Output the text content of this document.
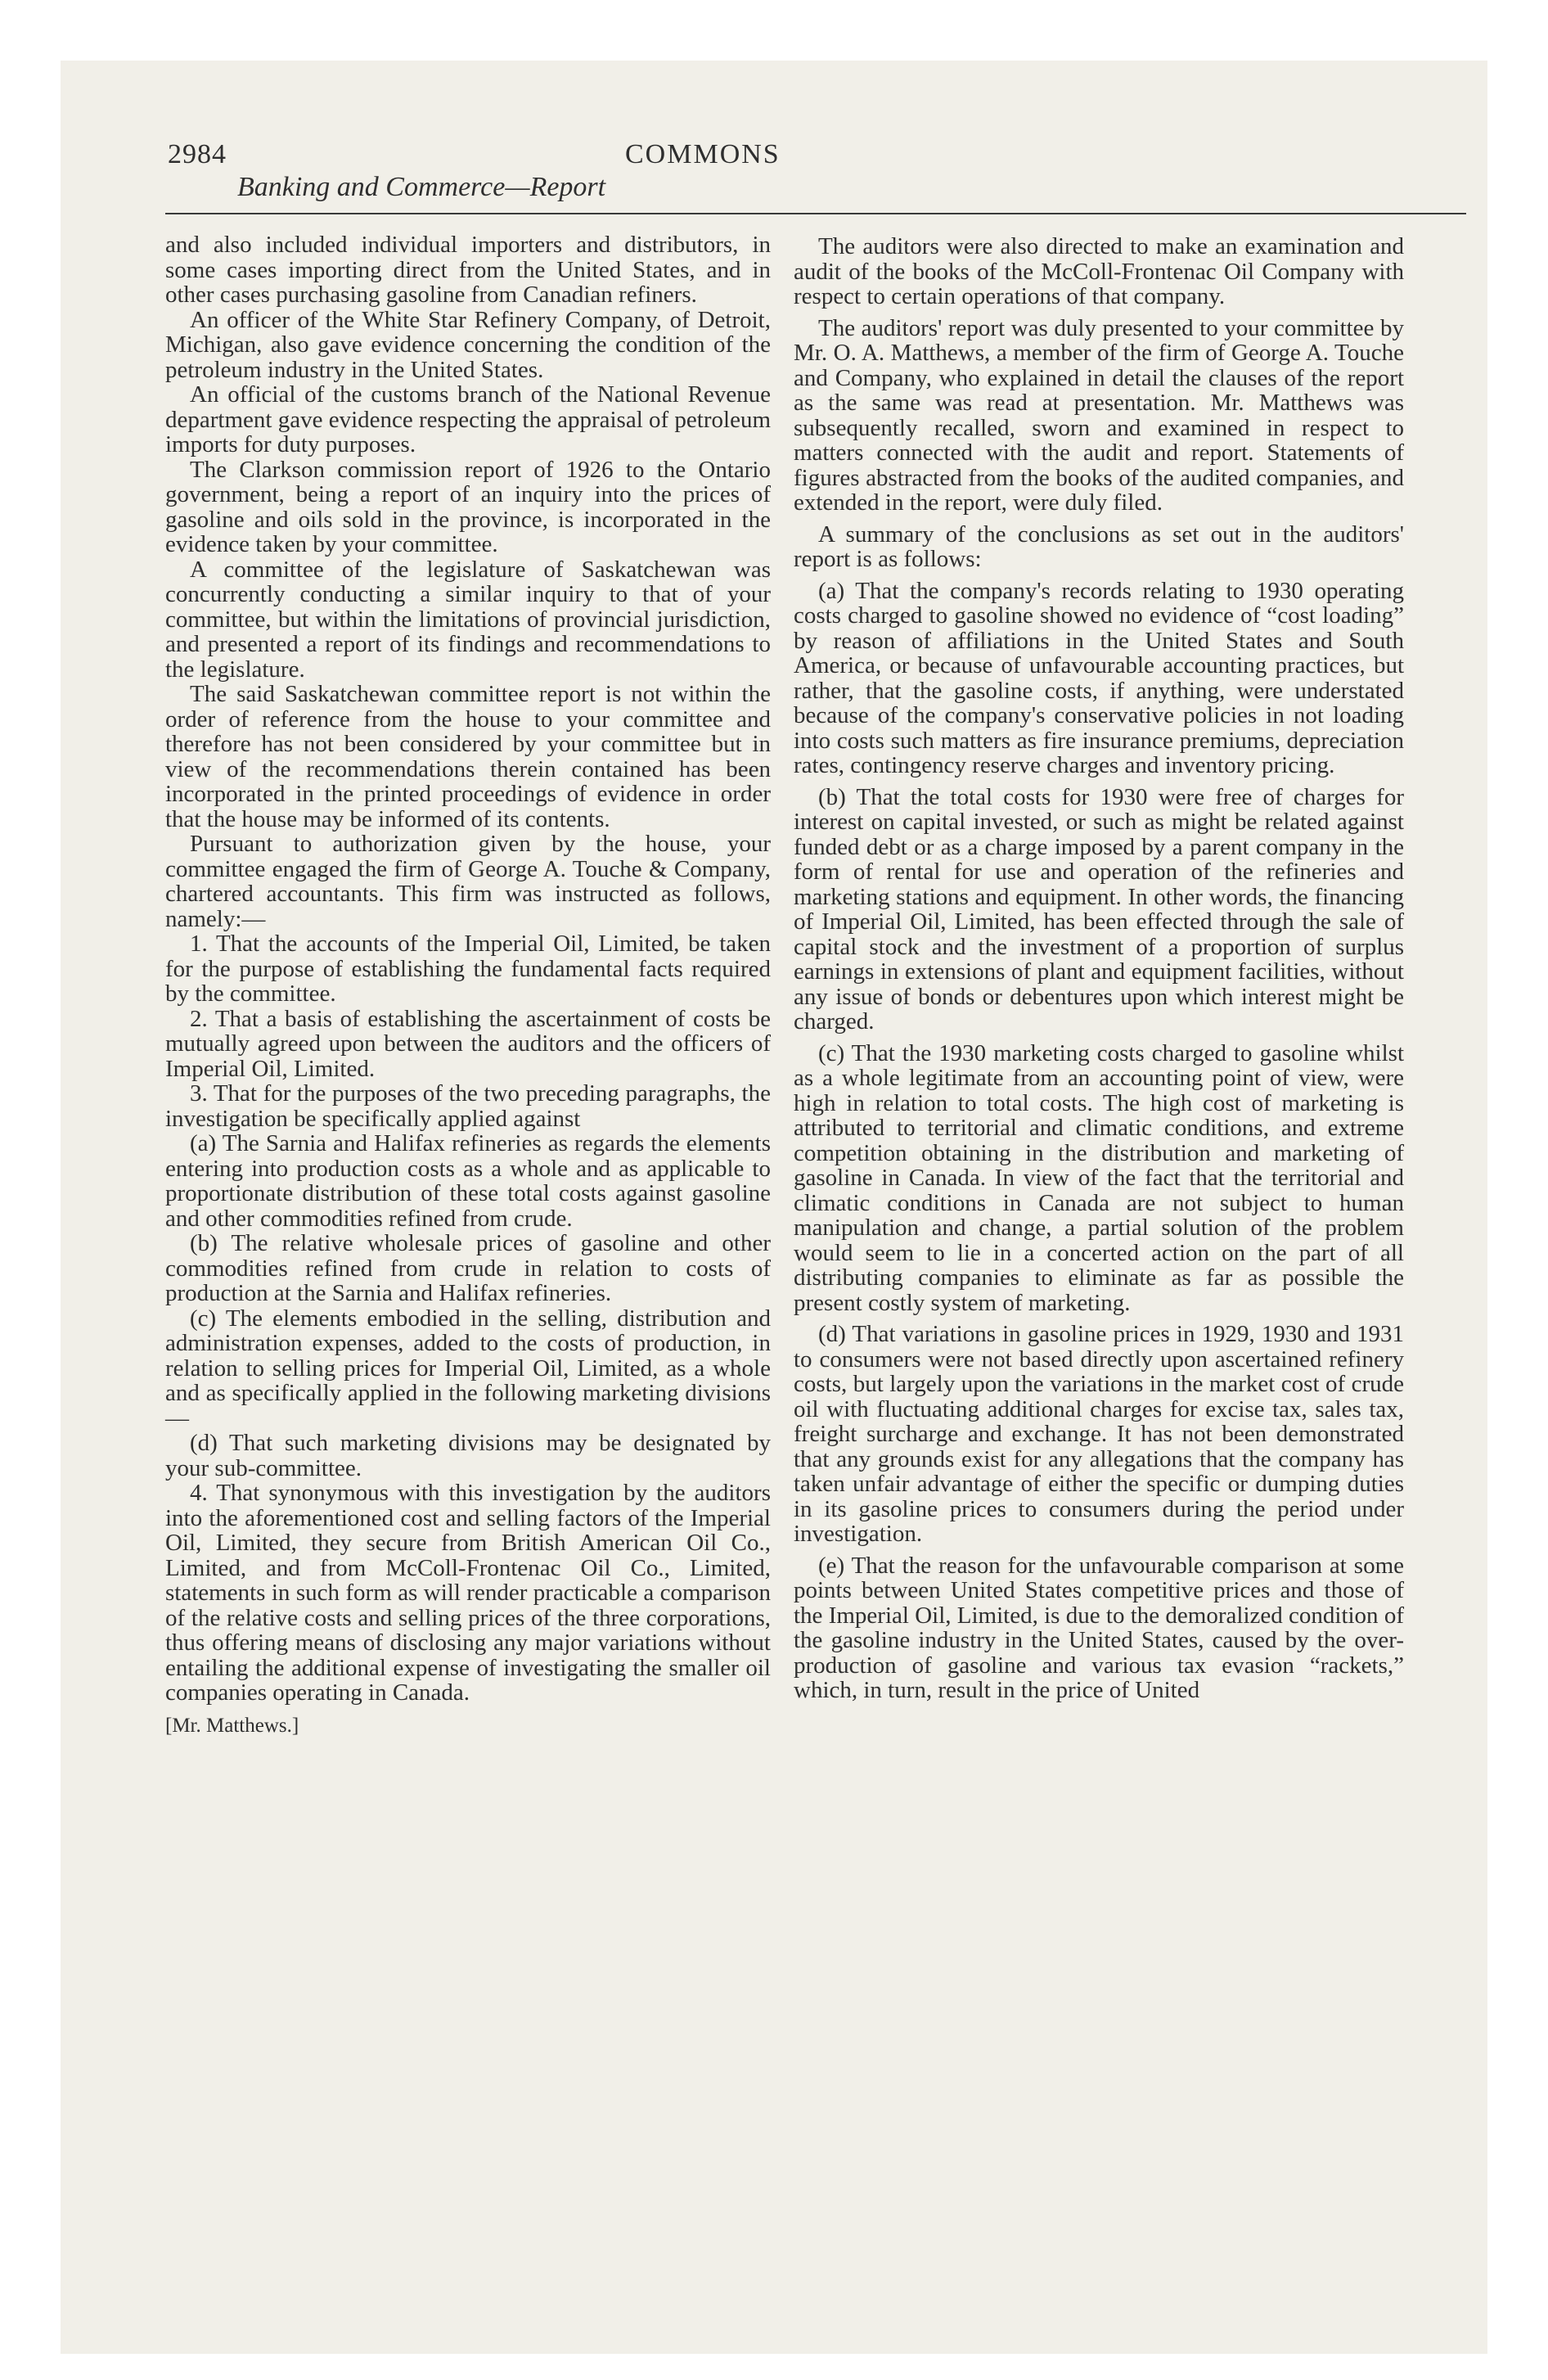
2984	COMMONS
Banking and Commerce—Report

and also included individual importers and distributors, in some cases importing direct from the United States, and in other cases purchasing gasoline from Canadian refiners.

An officer of the White Star Refinery Company, of Detroit, Michigan, also gave evidence concerning the condition of the petroleum industry in the United States.

An official of the customs branch of the National Revenue department gave evidence respecting the appraisal of petroleum imports for duty purposes.

The Clarkson commission report of 1926 to the Ontario government, being a report of an inquiry into the prices of gasoline and oils sold in the province, is incorporated in the evidence taken by your committee.

A committee of the legislature of Saskatchewan was concurrently conducting a similar inquiry to that of your committee, but within the limitations of provincial jurisdiction, and presented a report of its findings and recommendations to the legislature.

The said Saskatchewan committee report is not within the order of reference from the house to your committee and therefore has not been considered by your committee but in view of the recommendations therein contained has been incorporated in the printed proceedings of evidence in order that the house may be informed of its contents.

Pursuant to authorization given by the house, your committee engaged the firm of George A. Touche & Company, chartered accountants. This firm was instructed as follows, namely:—

1. That the accounts of the Imperial Oil, Limited, be taken for the purpose of establishing the fundamental facts required by the committee.

2. That a basis of establishing the ascertainment of costs be mutually agreed upon between the auditors and the officers of Imperial Oil, Limited.

3. That for the purposes of the two preceding paragraphs, the investigation be specifically applied against

(a) The Sarnia and Halifax refineries as regards the elements entering into production costs as a whole and as applicable to proportionate distribution of these total costs against gasoline and other commodities refined from crude.

(b) The relative wholesale prices of gasoline and other commodities refined from crude in relation to costs of production at the Sarnia and Halifax refineries.

(c) The elements embodied in the selling, distribution and administration expenses, added to the costs of production, in relation to selling prices for Imperial Oil, Limited, as a whole and as specifically applied in the following marketing divisions—

(d) That such marketing divisions may be designated by your sub-committee.

4. That synonymous with this investigation by the auditors into the aforementioned cost and selling factors of the Imperial Oil, Limited, they secure from British American Oil Co., Limited, and from McColl-Frontenac Oil Co., Limited, statements in such form as will render practicable a comparison of the relative costs and selling prices of the three corporations, thus offering means of disclosing any major variations without entailing the additional expense of investigating the smaller oil companies operating in Canada.

[Mr. Matthews.]

The auditors were also directed to make an examination and audit of the books of the McColl-Frontenac Oil Company with respect to certain operations of that company.

The auditors' report was duly presented to your committee by Mr. O. A. Matthews, a member of the firm of George A. Touche and Company, who explained in detail the clauses of the report as the same was read at presentation. Mr. Matthews was subsequently recalled, sworn and examined in respect to matters connected with the audit and report. Statements of figures abstracted from the books of the audited companies, and extended in the report, were duly filed.

A summary of the conclusions as set out in the auditors' report is as follows:

(a) That the company's records relating to 1930 operating costs charged to gasoline showed no evidence of “cost loading” by reason of affiliations in the United States and South America, or because of unfavourable accounting practices, but rather, that the gasoline costs, if anything, were understated because of the company's conservative policies in not loading into costs such matters as fire insurance premiums, depreciation rates, contingency reserve charges and inventory pricing.

(b) That the total costs for 1930 were free of charges for interest on capital invested, or such as might be related against funded debt or as a charge imposed by a parent company in the form of rental for use and operation of the refineries and marketing stations and equipment. In other words, the financing of Imperial Oil, Limited, has been effected through the sale of capital stock and the investment of a proportion of surplus earnings in extensions of plant and equipment facilities, without any issue of bonds or debentures upon which interest might be charged.

(c) That the 1930 marketing costs charged to gasoline whilst as a whole legitimate from an accounting point of view, were high in relation to total costs. The high cost of marketing is attributed to territorial and climatic conditions, and extreme competition obtaining in the distribution and marketing of gasoline in Canada. In view of the fact that the territorial and climatic conditions in Canada are not subject to human manipulation and change, a partial solution of the problem would seem to lie in a concerted action on the part of all distributing companies to eliminate as far as possible the present costly system of marketing.

(d) That variations in gasoline prices in 1929, 1930 and 1931 to consumers were not based directly upon ascertained refinery costs, but largely upon the variations in the market cost of crude oil with fluctuating additional charges for excise tax, sales tax, freight surcharge and exchange. It has not been demonstrated that any grounds exist for any allegations that the company has taken unfair advantage of either the specific or dumping duties in its gasoline prices to consumers during the period under investigation.

(e) That the reason for the unfavourable comparison at some points between United States competitive prices and those of the Imperial Oil, Limited, is due to the demoralized condition of the gasoline industry in the United States, caused by the over-production of gasoline and various tax evasion “rackets,” which, in turn, result in the price of United
